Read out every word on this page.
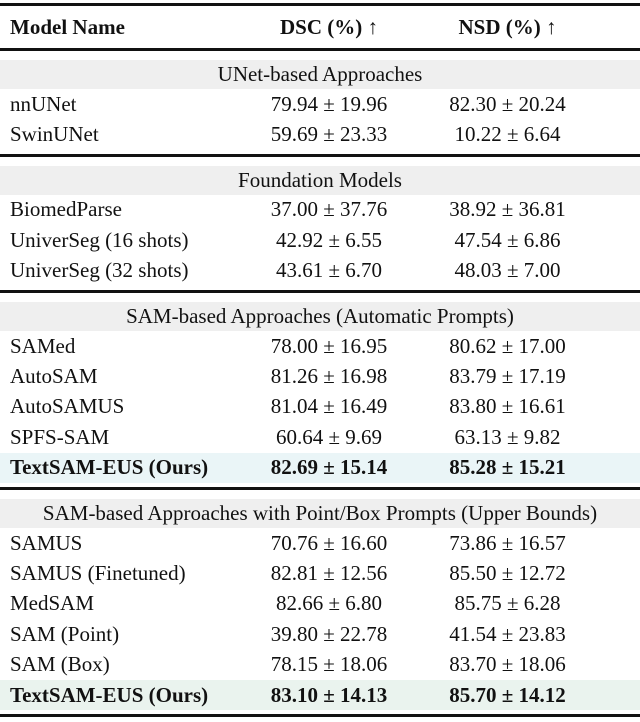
Model Name	DSC (%) ↑	NSD (%) ↑
UNet-based Approaches
nnUNet	79.94 ± 19.96	82.30 ± 20.24
SwinUNet	59.69 ± 23.33	10.22 ± 6.64
Foundation Models
BiomedParse	37.00 ± 37.76	38.92 ± 36.81
UniverSeg (16 shots)	42.92 ± 6.55	47.54 ± 6.86
UniverSeg (32 shots)	43.61 ± 6.70	48.03 ± 7.00
SAM-based Approaches (Automatic Prompts)
SAMed	78.00 ± 16.95	80.62 ± 17.00
AutoSAM	81.26 ± 16.98	83.79 ± 17.19
AutoSAMUS	81.04 ± 16.49	83.80 ± 16.61
SPFS-SAM	60.64 ± 9.69	63.13 ± 9.82
TextSAM-EUS (Ours)	82.69 ± 15.14	85.28 ± 15.21
SAM-based Approaches with Point/Box Prompts (Upper Bounds)
SAMUS	70.76 ± 16.60	73.86 ± 16.57
SAMUS (Finetuned)	82.81 ± 12.56	85.50 ± 12.72
MedSAM	82.66 ± 6.80	85.75 ± 6.28
SAM (Point)	39.80 ± 22.78	41.54 ± 23.83
SAM (Box)	78.15 ± 18.06	83.70 ± 18.06
TextSAM-EUS (Ours)	83.10 ± 14.13	85.70 ± 14.12
